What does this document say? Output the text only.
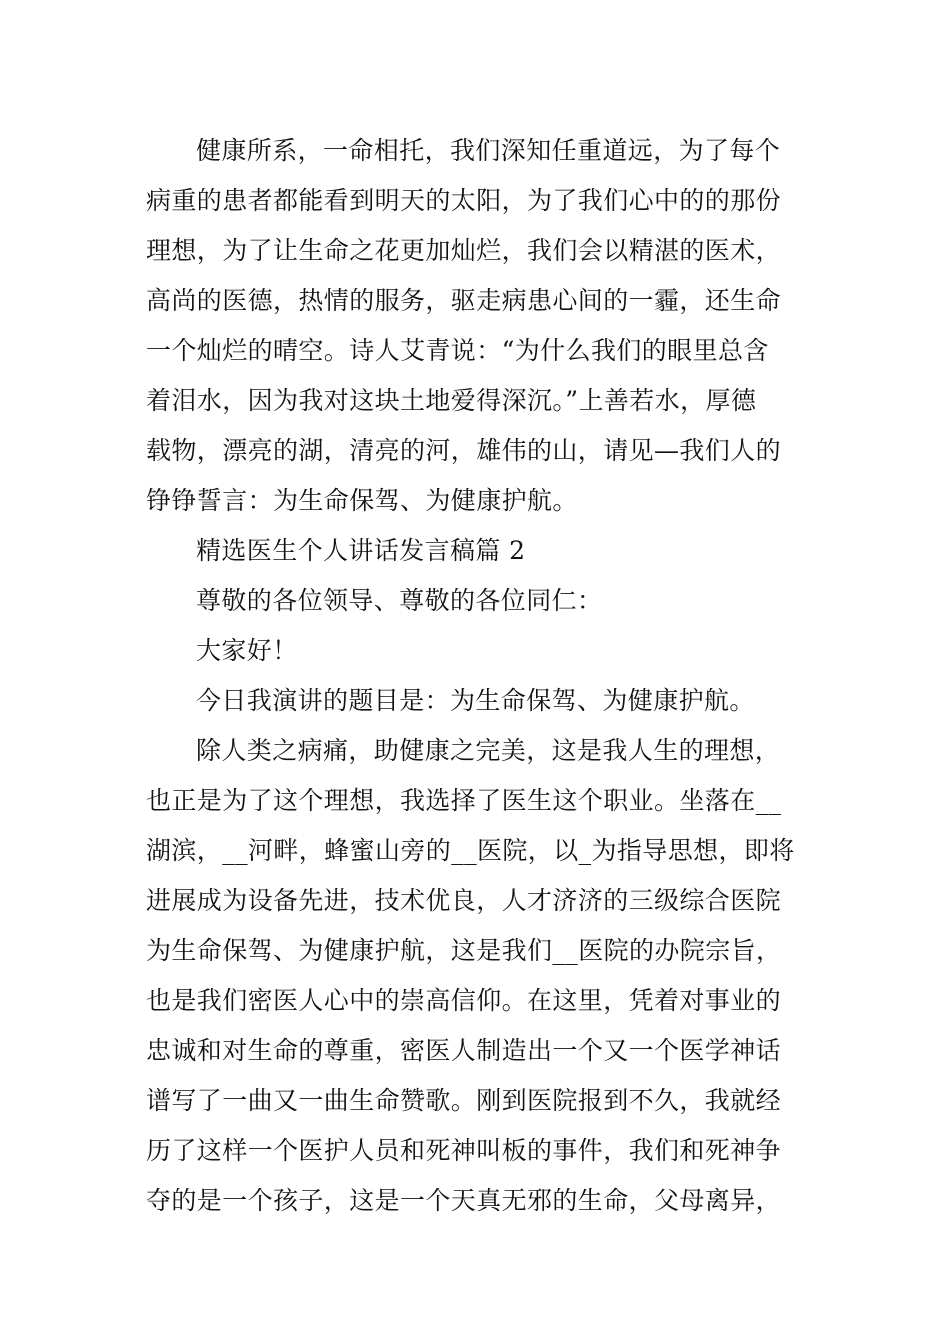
健康所系，一命相托，我们深知任重道远，为了每个
病重的患者都能看到明天的太阳，为了我们心中的的那份
理想，为了让生命之花更加灿烂，我们会以精湛的医术，
高尚的医德，热情的服务，驱走病患心间的一霾，还生命
一个灿烂的晴空。诗人艾青说：“为什么我们的眼里总含
着泪水，因为我对这块土地爱得深沉。”上善若水，厚德
载物，漂亮的湖，清亮的河，雄伟的山，请见—我们人的
铮铮誓言：为生命保驾、为健康护航。
精选医生个人讲话发言稿篇 2
尊敬的各位领导、尊敬的各位同仁：
大家好！
今日我演讲的题目是：为生命保驾、为健康护航。
除人类之病痛，助健康之完美，这是我人生的理想，
也正是为了这个理想，我选择了医生这个职业。坐落在__
湖滨，__河畔，蜂蜜山旁的__医院，以_为指导思想，即将
进展成为设备先进，技术优良，人才济济的三级综合医院
为生命保驾、为健康护航，这是我们__医院的办院宗旨，
也是我们密医人心中的崇高信仰。在这里，凭着对事业的
忠诚和对生命的尊重，密医人制造出一个又一个医学神话
谱写了一曲又一曲生命赞歌。刚到医院报到不久，我就经
历了这样一个医护人员和死神叫板的事件，我们和死神争
夺的是一个孩子，这是一个天真无邪的生命，父母离异，
